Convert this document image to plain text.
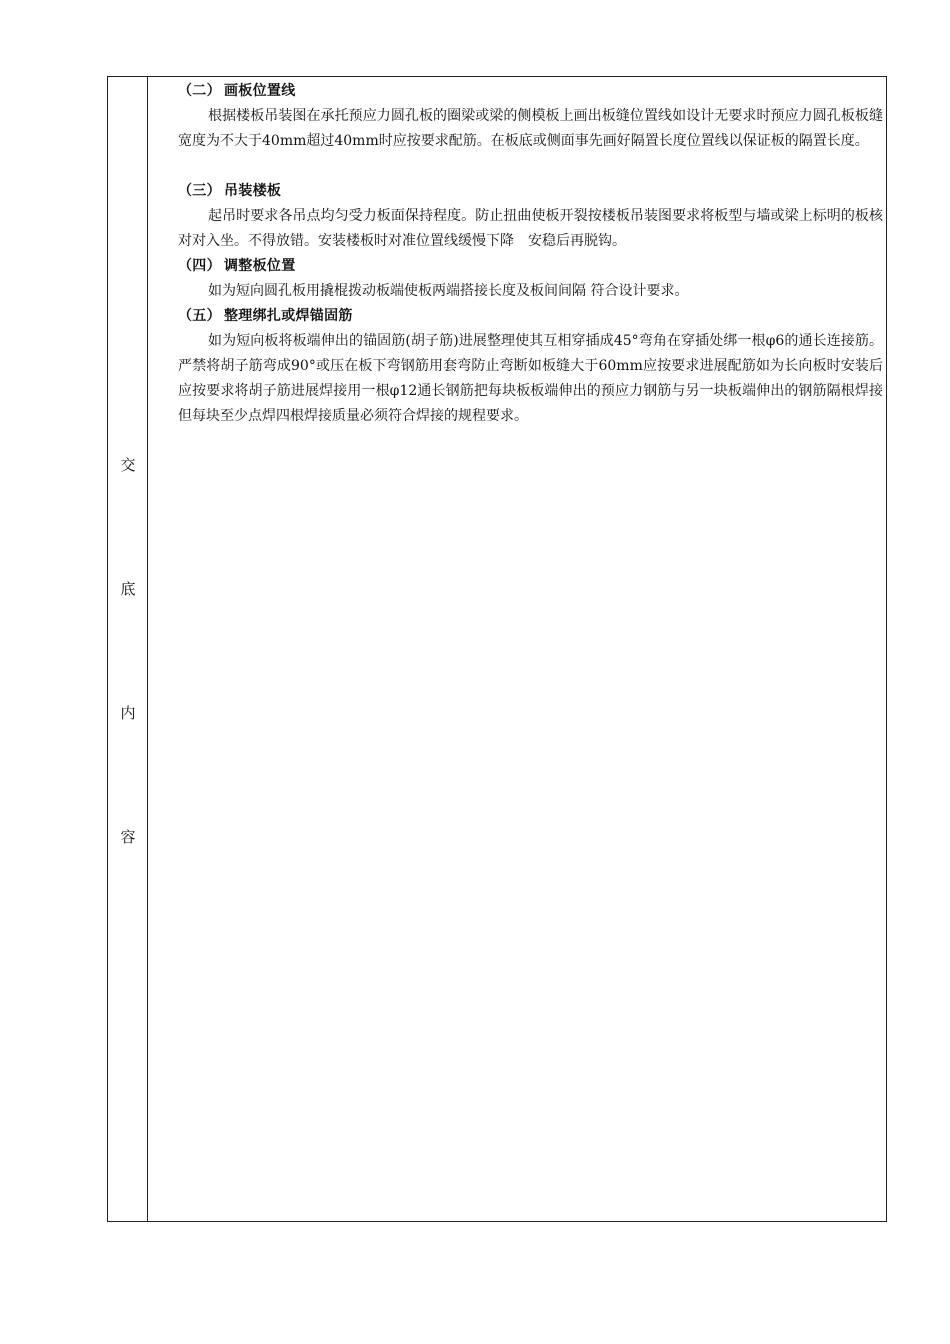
交
底
内
容
（二） 画板位置线

根据楼板吊装图在承托预应力圆孔板的圈梁或梁的侧模板上画出板缝位置线如设计无要求时预应力圆孔板板缝宽度为不大于40mm超过40mm时应按要求配筋。在板底或侧面事先画好隔置长度位置线以保证板的隔置长度。

（三） 吊装楼板

起吊时要求各吊点均匀受力板面保持程度。防止扭曲使板开裂按楼板吊装图要求将板型与墙或梁上标明的板核对对入坐。不得放错。安装楼板时对准位置线缓慢下降　安稳后再脱钩。

（四） 调整板位置

如为短向圆孔板用撬棍拨动板端使板两端搭接长度及板间间隔 符合设计要求。

（五） 整理绑扎或焊锚固筋

如为短向板将板端伸出的锚固筋(胡子筋)进展整理使其互相穿插成45°弯角在穿插处绑一根φ6的通长连接筋。严禁将胡子筋弯成90°或压在板下弯钢筋用套弯防止弯断如板缝大于60mm应按要求进展配筋如为长向板时安装后应按要求将胡子筋进展焊接用一根φ12通长钢筋把每块板板端伸出的预应力钢筋与另一块板端伸出的钢筋隔根焊接但每块至少点焊四根焊接质量必须符合焊接的规程要求。
